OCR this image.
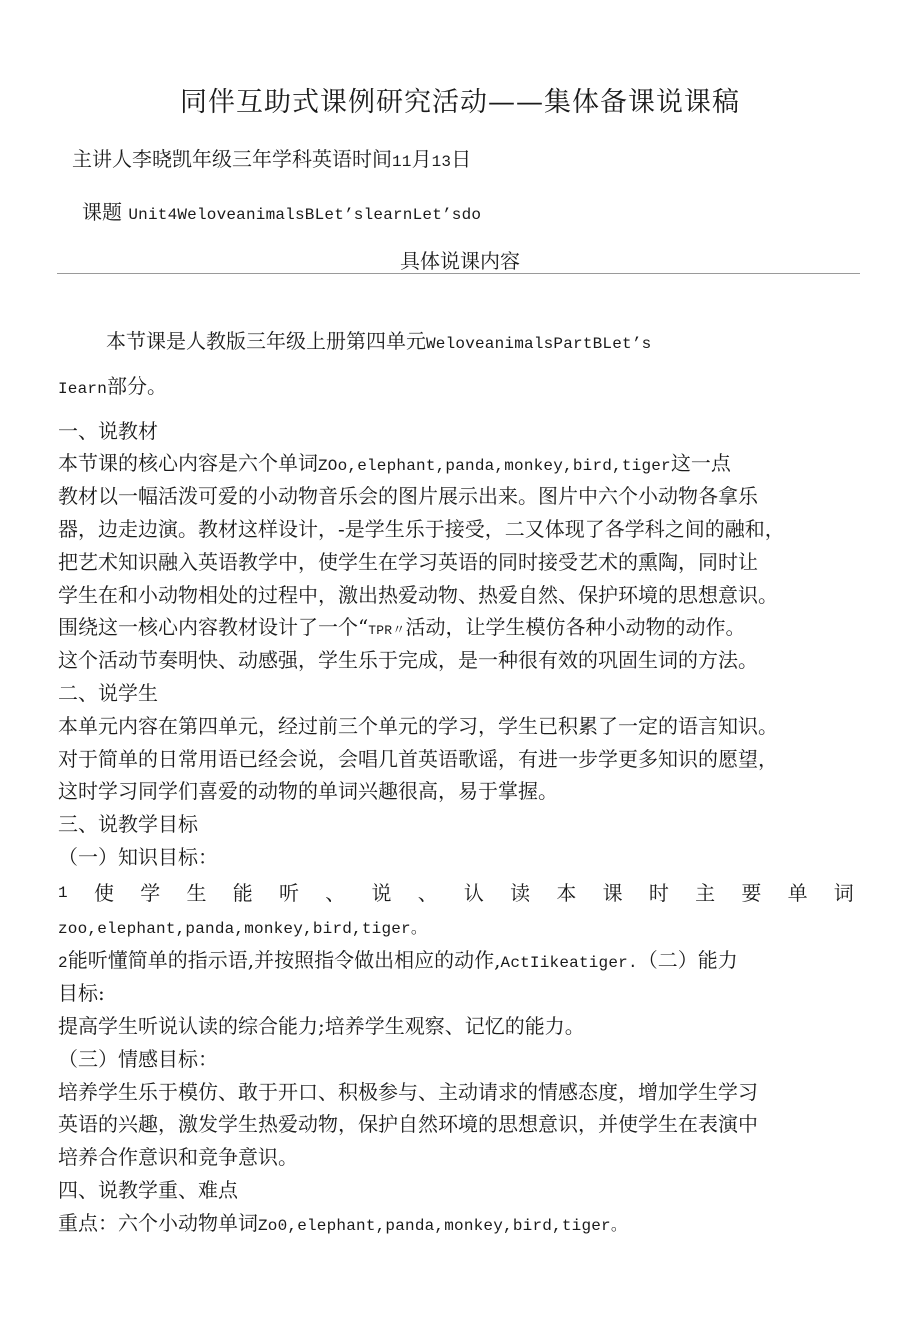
同伴互助式课例研究活动——集体备课说课稿
主讲人李晓凯年级三年学科英语时间11月13日
课题 Unit4WeloveanimalsBLet’slearnLet’sdo
具体说课内容
本节课是人教版三年级上册第四单元WeloveanimalsPartBLet’s
Iearn部分。
一、说教材
本节课的核心内容是六个单词ZOo,elephant,panda,monkey,bird,tiger这一点
教材以一幅活泼可爱的小动物音乐会的图片展示出来。图片中六个小动物各拿乐
器，边走边演。教材这样设计，-是学生乐于接受，二又体现了各学科之间的融和，
把艺术知识融入英语教学中，使学生在学习英语的同时接受艺术的熏陶，同时让
学生在和小动物相处的过程中，激出热爱动物、热爱自然、保护环境的思想意识。
围绕这一核心内容教材设计了一个“TPR〃活动，让学生模仿各种小动物的动作。
这个活动节奏明快、动感强，学生乐于完成，是一种很有效的巩固生词的方法。
二、说学生
本单元内容在第四单元，经过前三个单元的学习，学生已积累了一定的语言知识。
对于简单的日常用语已经会说，会唱几首英语歌谣，有进一步学更多知识的愿望，
这时学习同学们喜爱的动物的单词兴趣很高，易于掌握。
三、说教学目标
（一）知识目标：
1 使 学 生 能 听 、 说 、 认 读 本 课 时 主 要 单 词
zoo,elephant,panda,monkey,bird,tiger。
2能听懂简单的指示语,并按照指令做出相应的动作,ActIikeatiger.（二）能力
目标:
提高学生听说认读的综合能力;培养学生观察、记忆的能力。
（三）情感目标：
培养学生乐于模仿、敢于开口、积极参与、主动请求的情感态度，增加学生学习
英语的兴趣，激发学生热爱动物，保护自然环境的思想意识，并使学生在表演中
培养合作意识和竞争意识。
四、说教学重、难点
重点：六个小动物单词Zo0,elephant,panda,monkey,bird,tiger。
